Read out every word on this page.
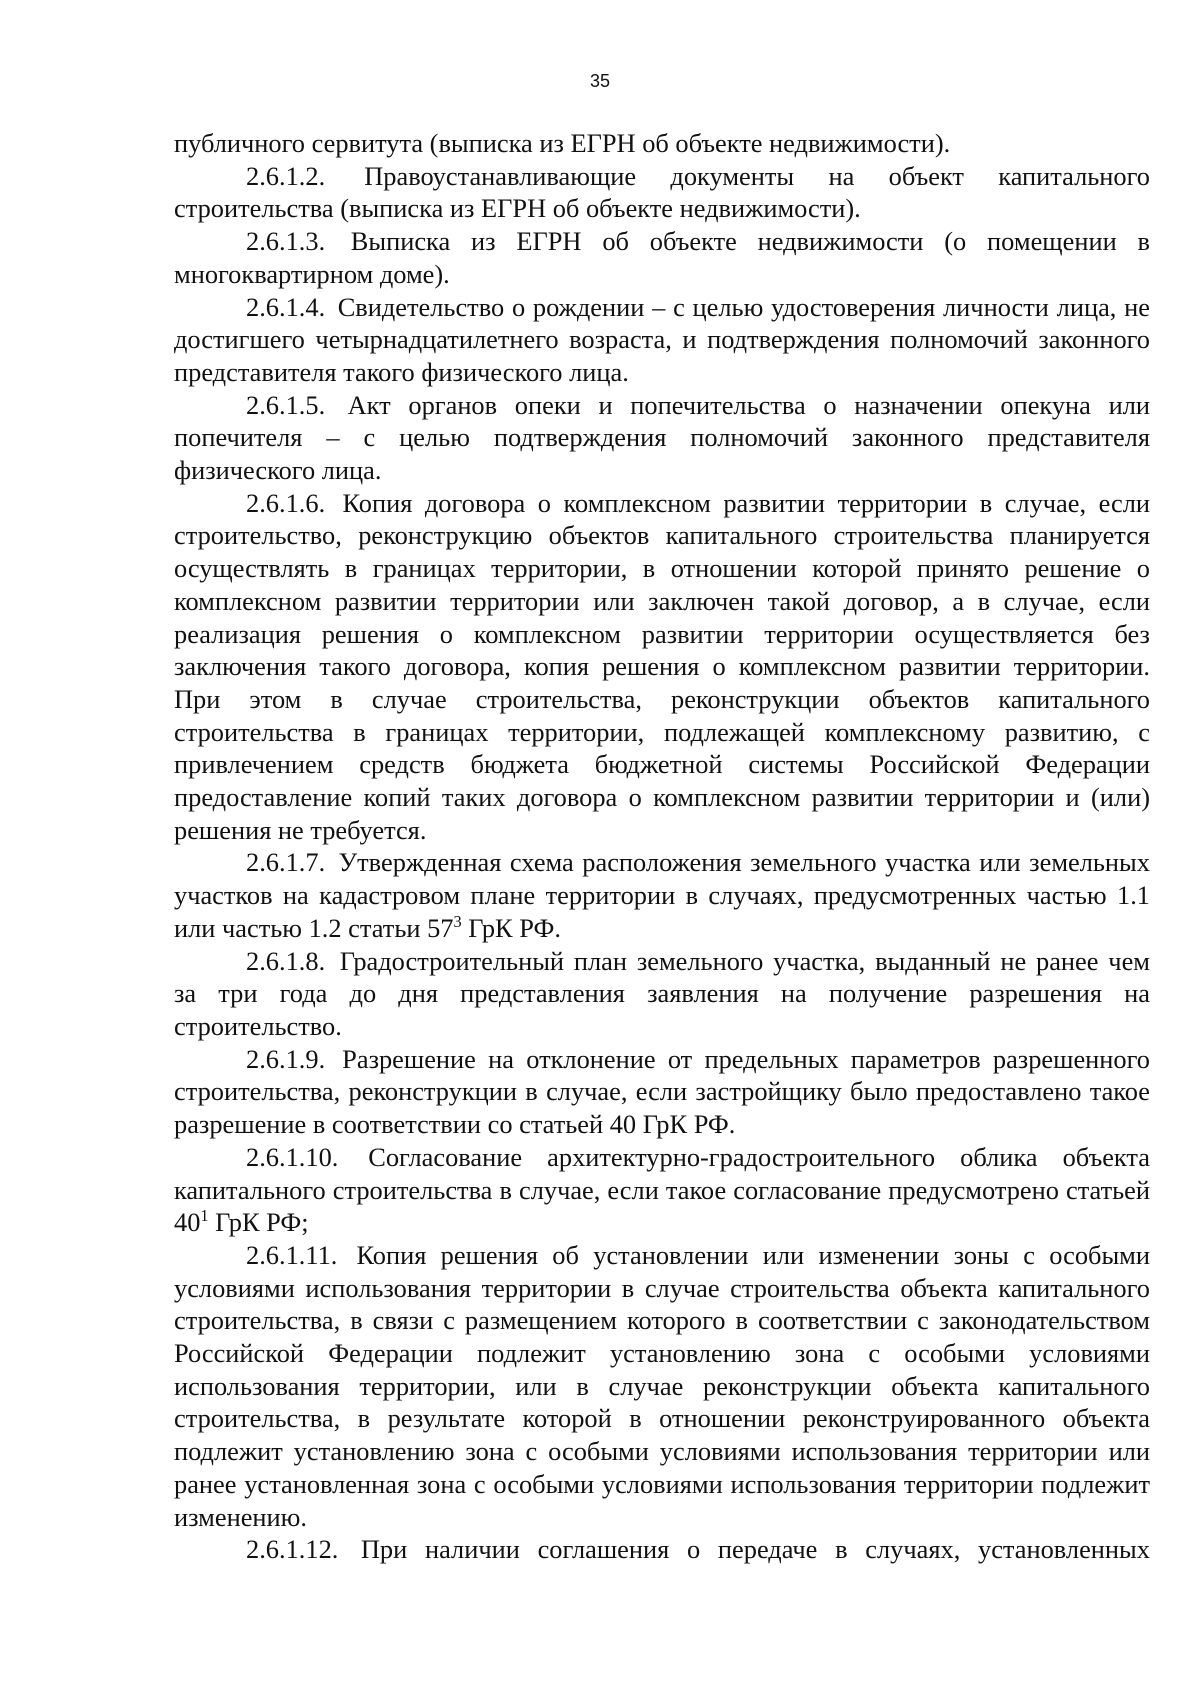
35

публичного сервитута (выписка из ЕГРН об объекте недвижимости).

2.6.1.2. Правоустанавливающие документы на объект капитального строительства (выписка из ЕГРН об объекте недвижимости).

2.6.1.3. Выписка из ЕГРН об объекте недвижимости (о помещении в многоквартирном доме).

2.6.1.4. Свидетельство о рождении – с целью удостоверения личности лица, не достигшего четырнадцатилетнего возраста, и подтверждения полномочий законного представителя такого физического лица.

2.6.1.5. Акт органов опеки и попечительства о назначении опекуна или попечителя – с целью подтверждения полномочий законного представителя физического лица.

2.6.1.6. Копия договора о комплексном развитии территории в случае, если строительство, реконструкцию объектов капитального строительства планируется осуществлять в границах территории, в отношении которой принято решение о комплексном развитии территории или заключен такой договор, а в случае, если реализация решения о комплексном развитии территории осуществляется без заключения такого договора, копия решения о комплексном развитии территории. При этом в случае строительства, реконструкции объектов капитального строительства в границах территории, подлежащей комплексному развитию, с привлечением средств бюджета бюджетной системы Российской Федерации предоставление копий таких договора о комплексном развитии территории и (или) решения не требуется.

2.6.1.7. Утвержденная схема расположения земельного участка или земельных участков на кадастровом плане территории в случаях, предусмотренных частью 1.1 или частью 1.2 статьи $57^3$ ГрК РФ.

2.6.1.8. Градостроительный план земельного участка, выданный не ранее чем за три года до дня представления заявления на получение разрешения на строительство.

2.6.1.9. Разрешение на отклонение от предельных параметров разрешенного строительства, реконструкции в случае, если застройщику было предоставлено такое разрешение в соответствии со статьей 40 ГрК РФ.

2.6.1.10. Согласование архитектурно-градостроительного облика объекта капитального строительства в случае, если такое согласование предусмотрено статьей $40^1$ ГрК РФ;

2.6.1.11. Копия решения об установлении или изменении зоны с особыми условиями использования территории в случае строительства объекта капитального строительства, в связи с размещением которого в соответствии с законодательством Российской Федерации подлежит установлению зона с особыми условиями использования территории, или в случае реконструкции объекта капитального строительства, в результате которой в отношении реконструированного объекта подлежит установлению зона с особыми условиями использования территории или ранее установленная зона с особыми условиями использования территории подлежит изменению.

2.6.1.12. При наличии соглашения о передаче в случаях, установленных
